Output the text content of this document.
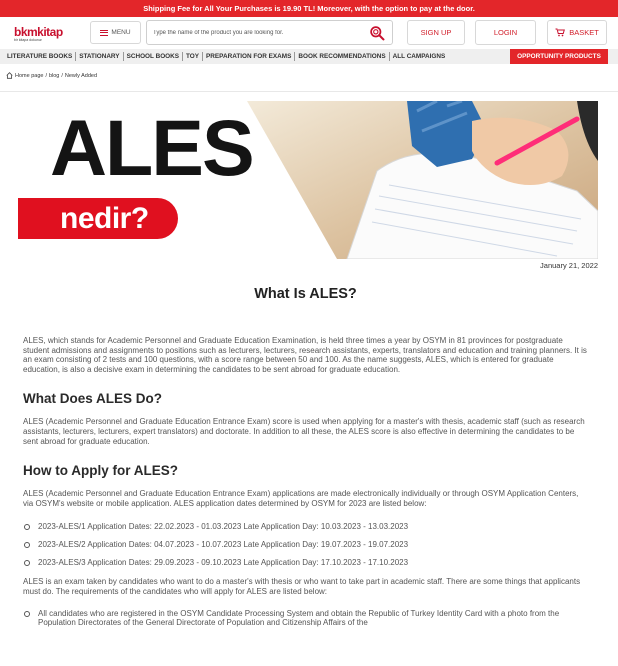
Shipping Fee for All Your Purchases is 19.90 TL! Moreover, with the option to pay at the door.
bkmkitap
bir kitapa dokunur
MENU
Type the name of the product you are looking for.	SIGN UP	LOGIN	BASKET
LITERATURE BOOKS	STATIONARY	SCHOOL BOOKS	TOY	PREPARATION FOR EXAMS	BOOK RECOMMENDATIONS	ALL CAMPAIGNS	OPPORTUNITY PRODUCTS
Home page / blog / Newly Added
ALES
nedir?
January 21, 2022
What Is ALES?

ALES, which stands for Academic Personnel and Graduate Education Examination, is held three times a year by OSYM in 81 provinces for postgraduate student admissions and assignments to positions such as lecturers, lecturers, research assistants, experts, translators and education and training planners. It is an exam consisting of 2 tests and 100 questions, with a score range between 50 and 100. As the name suggests, ALES, which is entered for graduate education, is also a decisive exam in determining the candidates to be sent abroad for graduate education.

What Does ALES Do?

ALES (Academic Personnel and Graduate Education Entrance Exam) score is used when applying for a master's with thesis, academic staff (such as research assistants, lecturers, lecturers, expert translators) and doctorate. In addition to all these, the ALES score is also effective in determining the candidates to be sent abroad for graduate education.

How to Apply for ALES?

ALES (Academic Personnel and Graduate Education Entrance Exam) applications are made electronically individually or through OSYM Application Centers, via OSYM's website or mobile application. ALES application dates determined by OSYM for 2023 are listed below:

2023-ALES/1 Application Dates: 22.02.2023 - 01.03.2023 Late Application Day: 10.03.2023 - 13.03.2023
2023-ALES/2 Application Dates: 04.07.2023 - 10.07.2023 Late Application Day: 19.07.2023 - 19.07.2023
2023-ALES/3 Application Dates: 29.09.2023 - 09.10.2023 Late Application Day: 17.10.2023 - 17.10.2023

ALES is an exam taken by candidates who want to do a master's with thesis or who want to take part in academic staff. There are some things that applicants must do. The requirements of the candidates who will apply for ALES are listed below:

All candidates who are registered in the OSYM Candidate Processing System and obtain the Republic of Turkey Identity Card with a photo from the Population Directorates of the General Directorate of Population and Citizenship Affairs of the
